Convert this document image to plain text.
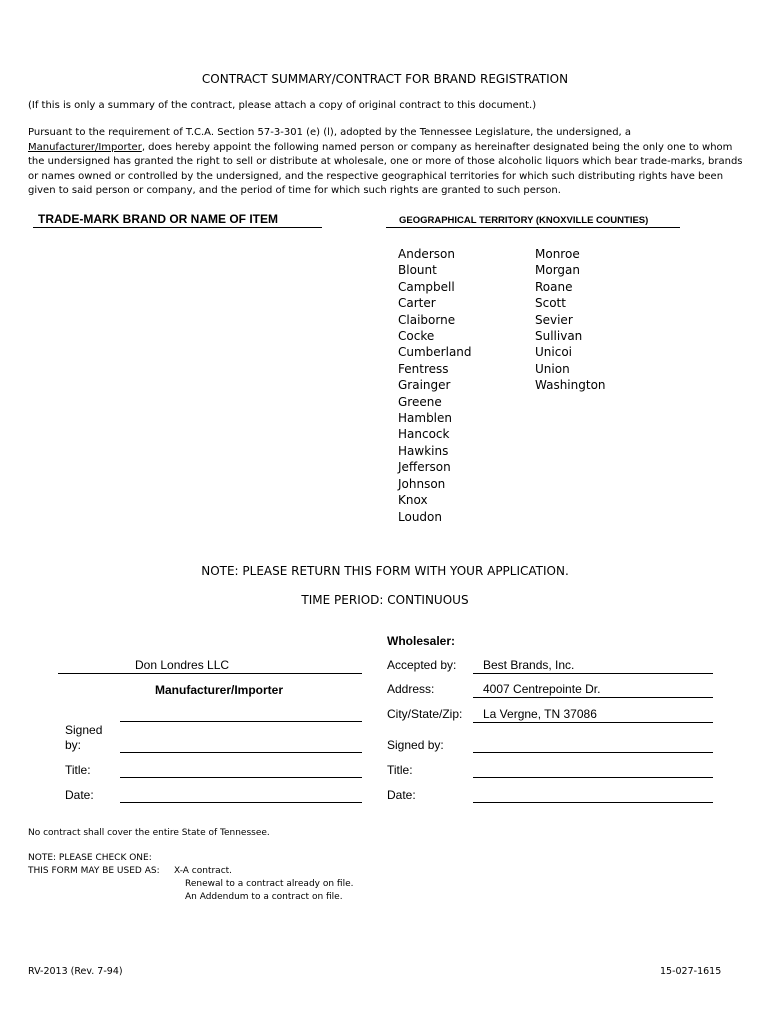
CONTRACT SUMMARY/CONTRACT FOR BRAND REGISTRATION
(If this is only a summary of the contract, please attach a copy of original contract to this document.)
Pursuant to the requirement of T.C.A. Section 57-3-301 (e) (l), adopted by the Tennessee Legislature, the undersigned, a
Manufacturer/Importer, does hereby appoint the following named person or company as hereinafter designated being the only one to whom the undersigned has granted the right to sell or distribute at wholesale, one or more of those alcoholic liquors which bear trade-marks, brands or names owned or controlled by the undersigned, and the respective geographical territories for which such distributing rights have been given to said person or company, and the period of time for which such rights are granted to such person.
TRADE-MARK BRAND OR NAME OF ITEM	GEOGRAPHICAL TERRITORY (KNOXVILLE COUNTIES)
Anderson
Blount
Campbell
Carter
Claiborne
Cocke
Cumberland
Fentress
Grainger
Greene
Hamblen
Hancock
Hawkins
Jefferson
Johnson
Knox
Loudon
Monroe
Morgan
Roane
Scott
Sevier
Sullivan
Unicoi
Union
Washington
NOTE: PLEASE RETURN THIS FORM WITH YOUR APPLICATION.
TIME PERIOD: CONTINUOUS
Wholesaler:
Accepted by: Best Brands, Inc.
Address:	4007 Centrepointe Dr.
City/State/Zip: La Vergne, TN 37086
Signed by:
Title:
Date:
Don Londres LLC
Manufacturer/Importer
Signed
by:
Title:
Date:
No contract shall cover the entire State of Tennessee.
NOTE: PLEASE CHECK ONE:
THIS FORM MAY BE USED AS: X-A contract.
Renewal to a contract already on file.
An Addendum to a contract on file.
RV-2013 (Rev. 7-94)	15-027-1615
